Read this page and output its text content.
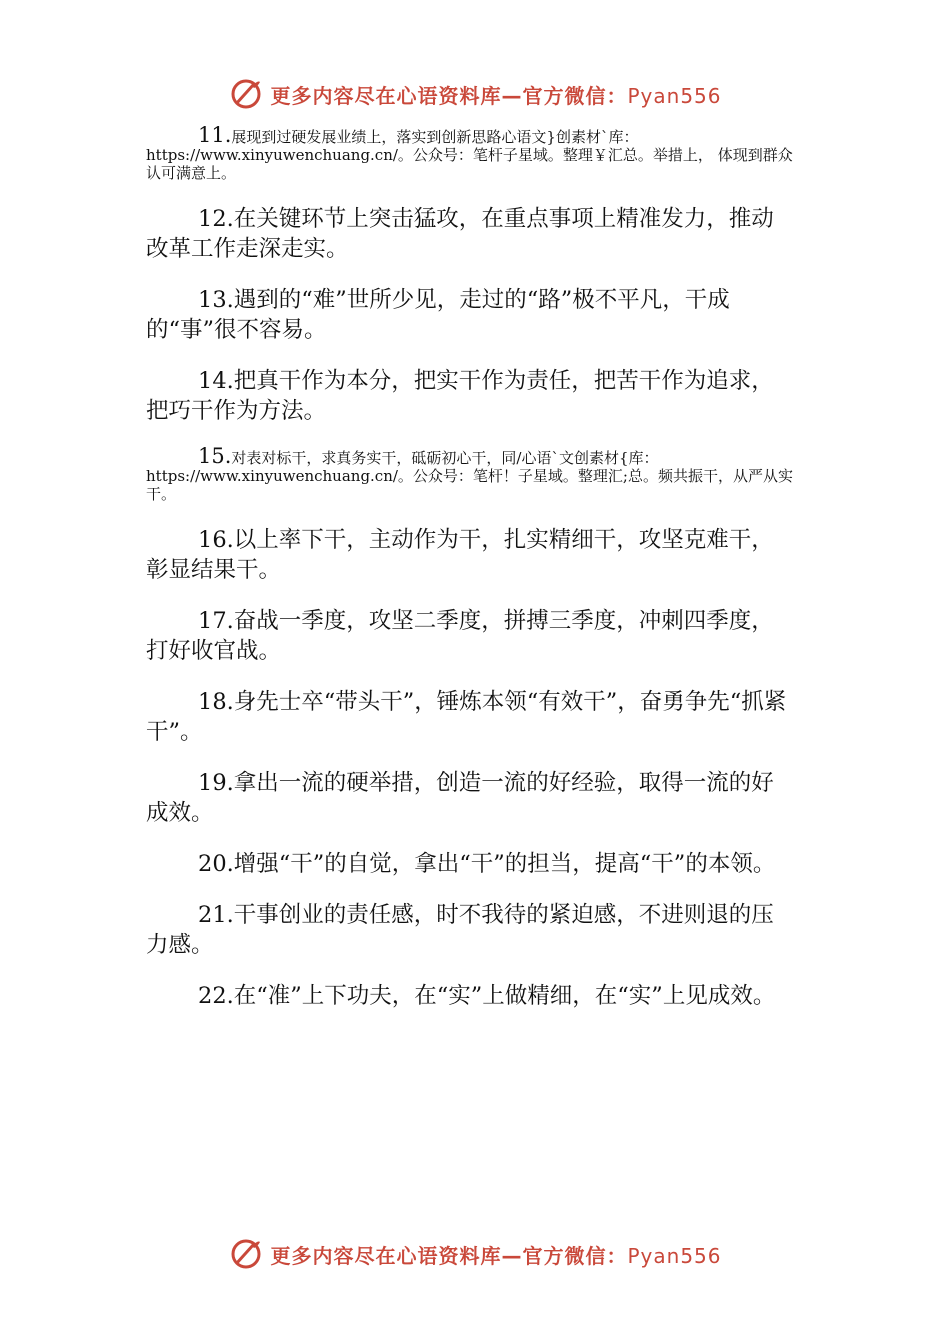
更多内容尽在心语资料库—官方微信：Pyan556

11.展现到过硬发展业绩上，落实到创新思路心语文}创素材`库：https://www.xinyuwenchuang.cn/。公众号：笔杆子星域。整理￥汇总。举措上， 体现到群众认可满意上。

12.在关键环节上突击猛攻，在重点事项上精准发力，推动改革工作走深走实。

13.遇到的“难”世所少见，走过的“路”极不平凡，干成的“事”很不容易。

14.把真干作为本分，把实干作为责任，把苦干作为追求，把巧干作为方法。

15.对表对标干，求真务实干，砥砺初心干，同/心语`文创素材{库：https://www.xinyuwenchuang.cn/。公众号：笔杆！子星域。整理汇;总。频共振干，从严从实干。

16.以上率下干，主动作为干，扎实精细干，攻坚克难干，彰显结果干。

17.奋战一季度，攻坚二季度，拼搏三季度，冲刺四季度，打好收官战。

18.身先士卒“带头干”，锤炼本领“有效干”，奋勇争先“抓紧干”。

19.拿出一流的硬举措，创造一流的好经验，取得一流的好成效。

20.增强“干”的自觉，拿出“干”的担当，提高“干”的本领。

21.干事创业的责任感，时不我待的紧迫感，不进则退的压力感。

22.在“准”上下功夫，在“实”上做精细，在“实”上见成效。

更多内容尽在心语资料库—官方微信：Pyan556
